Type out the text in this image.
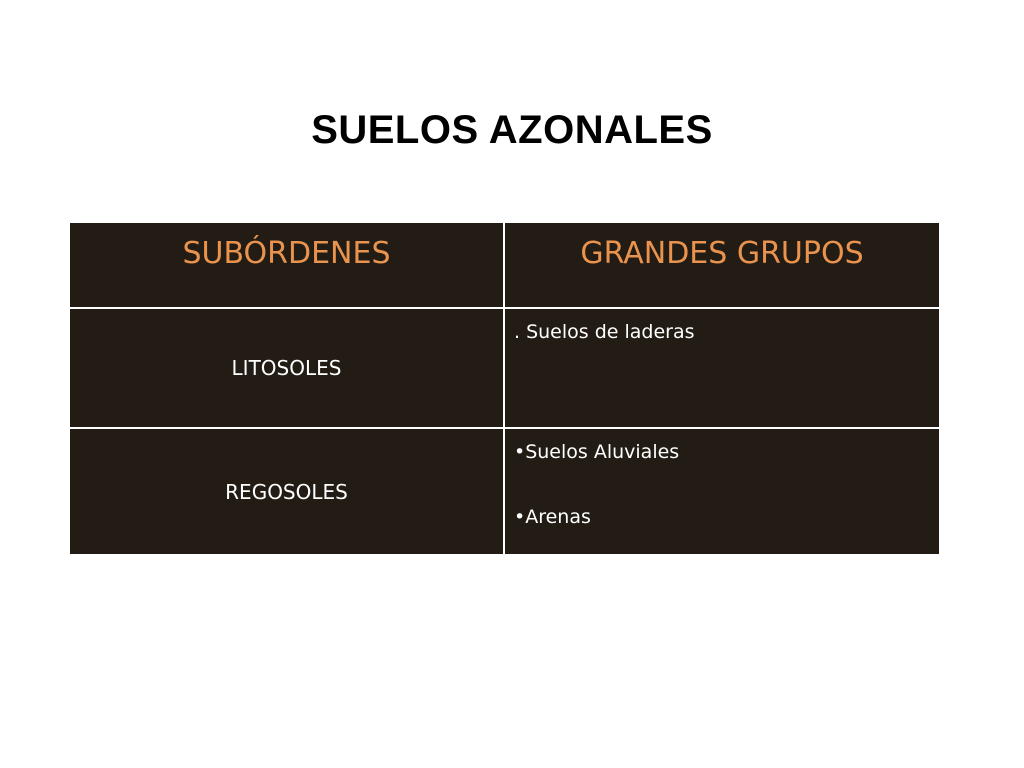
SUELOS AZONALES
SUBÓRDENES	GRANDES GRUPOS
LITOSOLES	. Suelos de laderas

REGOSOLES	•Suelos Aluviales
•Arenas
